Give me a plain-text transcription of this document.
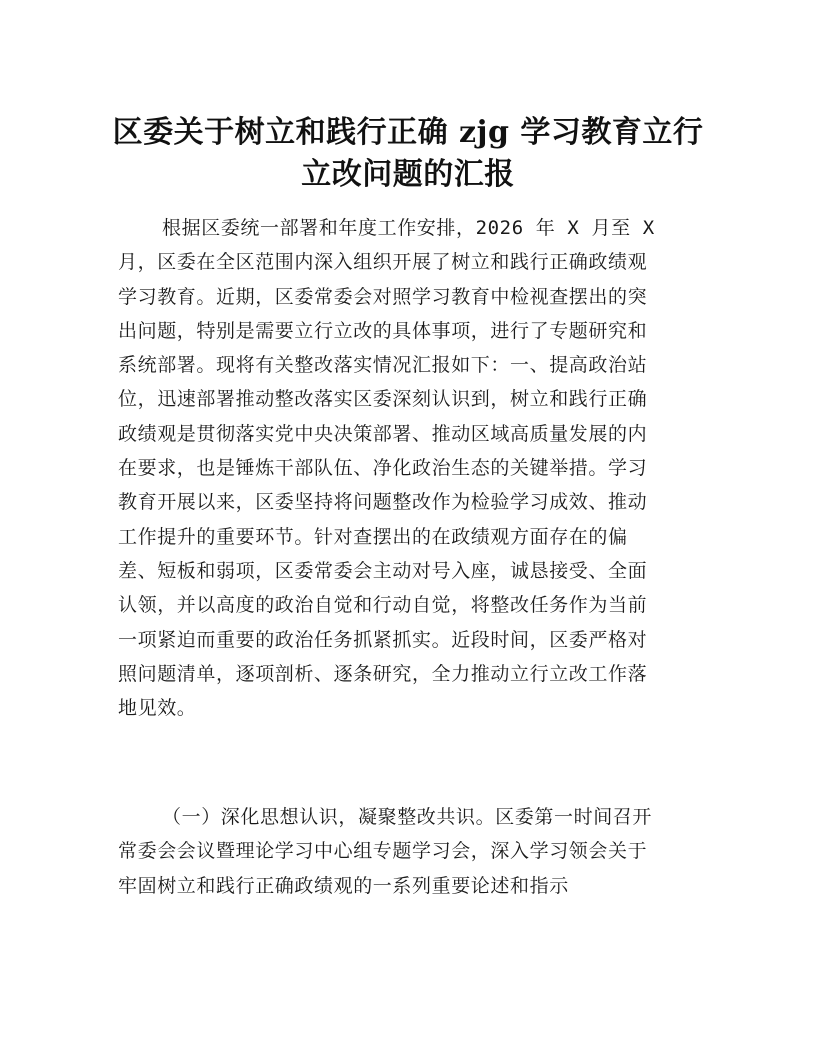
区委关于树立和践行正确 zjg 学习教育立行
立改问题的汇报
根据区委统一部署和年度工作安排，2026 年 X 月至 X
月，区委在全区范围内深入组织开展了树立和践行正确政绩观
学习教育。近期，区委常委会对照学习教育中检视查摆出的突
出问题，特别是需要立行立改的具体事项，进行了专题研究和
系统部署。现将有关整改落实情况汇报如下：一、提高政治站
位，迅速部署推动整改落实区委深刻认识到，树立和践行正确
政绩观是贯彻落实党中央决策部署、推动区域高质量发展的内
在要求，也是锤炼干部队伍、净化政治生态的关键举措。学习
教育开展以来，区委坚持将问题整改作为检验学习成效、推动
工作提升的重要环节。针对查摆出的在政绩观方面存在的偏
差、短板和弱项，区委常委会主动对号入座，诚恳接受、全面
认领，并以高度的政治自觉和行动自觉，将整改任务作为当前
一项紧迫而重要的政治任务抓紧抓实。近段时间，区委严格对
照问题清单，逐项剖析、逐条研究，全力推动立行立改工作落
地见效。
（一）深化思想认识，凝聚整改共识。区委第一时间召开
常委会会议暨理论学习中心组专题学习会，深入学习领会关于
牢固树立和践行正确政绩观的一系列重要论述和指示
